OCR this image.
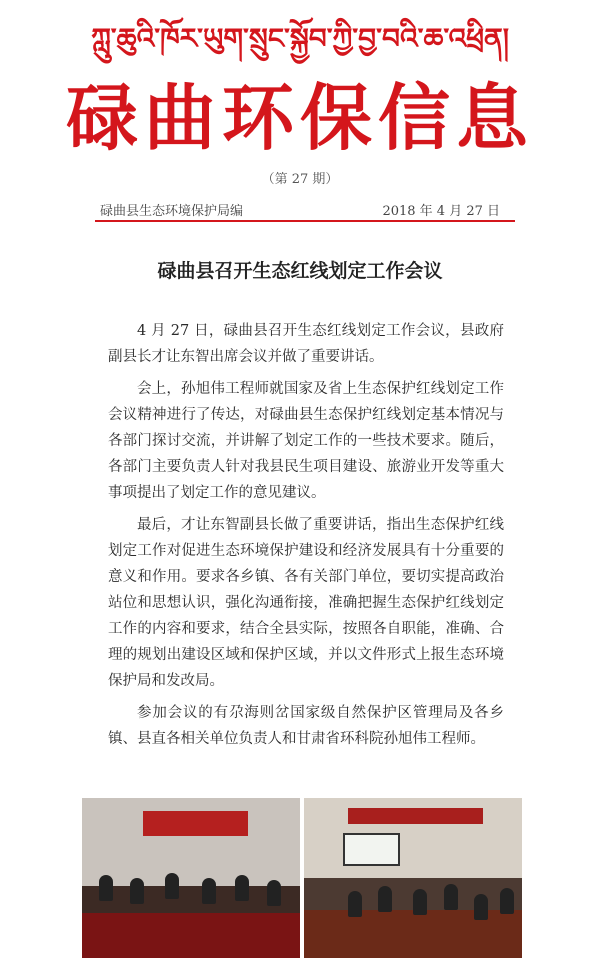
ཀླུ་ཆུའི་ཁོར་ཡུག་སྲུང་སྐྱོབ་ཀྱི་བྱ་བའི་ཆ་འཕྲིན།
碌曲环保信息
（第 27 期）
碌曲县生态环境保护局编	2018 年 4 月 27 日
碌曲县召开生态红线划定工作会议

4 月 27 日，碌曲县召开生态红线划定工作会议，县政府副县长才让东智出席会议并做了重要讲话。

会上，孙旭伟工程师就国家及省上生态保护红线划定工作会议精神进行了传达，对碌曲县生态保护红线划定基本情况与各部门探讨交流，并讲解了划定工作的一些技术要求。随后，各部门主要负责人针对我县民生项目建设、旅游业开发等重大事项提出了划定工作的意见建议。

最后，才让东智副县长做了重要讲话，指出生态保护红线划定工作对促进生态环境保护建设和经济发展具有十分重要的意义和作用。要求各乡镇、各有关部门单位，要切实提高政治站位和思想认识，强化沟通衔接，准确把握生态保护红线划定工作的内容和要求，结合全县实际，按照各自职能，准确、合理的规划出建设区域和保护区域，并以文件形式上报生态环境保护局和发改局。

参加会议的有尕海则岔国家级自然保护区管理局及各乡镇、县直各相关单位负责人和甘肃省环科院孙旭伟工程师。
